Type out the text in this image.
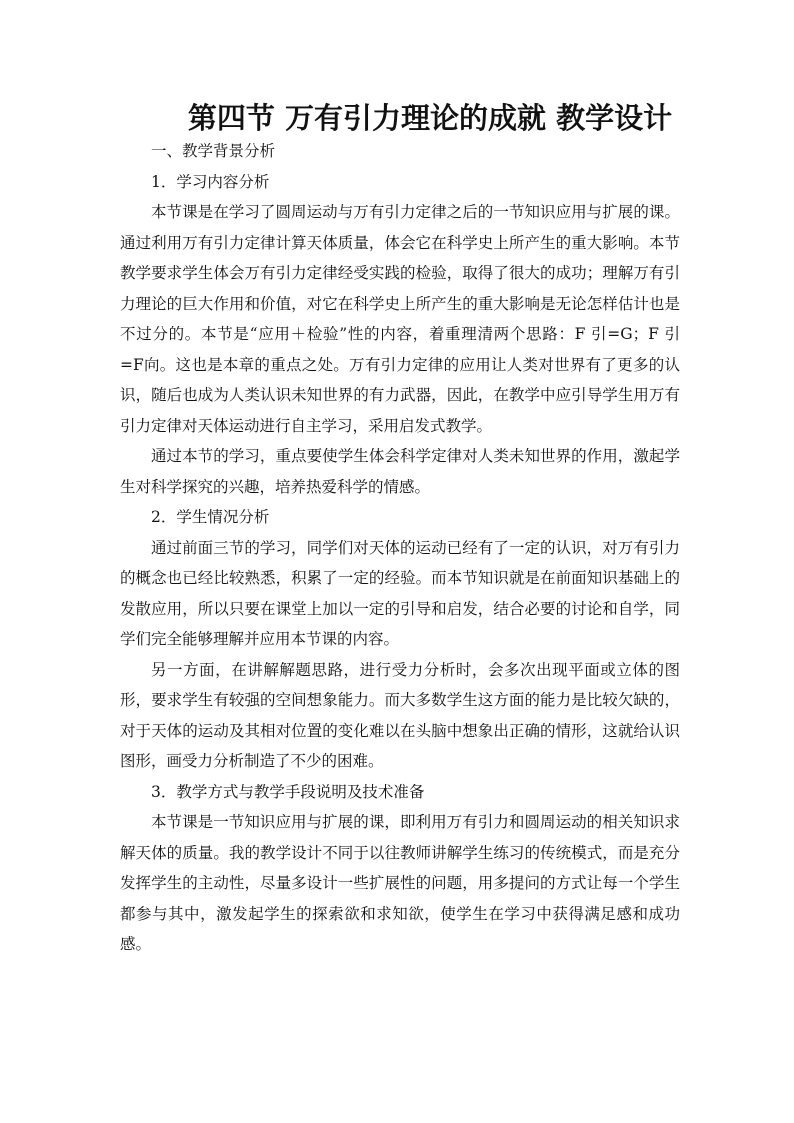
第四节 万有引力理论的成就 教学设计

一、教学背景分析

1．学习内容分析

本节课是在学习了圆周运动与万有引力定律之后的一节知识应用与扩展的课。通过利用万有引力定律计算天体质量，体会它在科学史上所产生的重大影响。本节教学要求学生体会万有引力定律经受实践的检验，取得了很大的成功；理解万有引力理论的巨大作用和价值，对它在科学史上所产生的重大影响是无论怎样估计也是不过分的。本节是“应用＋检验”性的内容，着重理清两个思路：F 引=G；F 引=F向。这也是本章的重点之处。万有引力定律的应用让人类对世界有了更多的认识，随后也成为人类认识未知世界的有力武器，因此，在教学中应引导学生用万有引力定律对天体运动进行自主学习，采用启发式教学。

通过本节的学习，重点要使学生体会科学定律对人类未知世界的作用，激起学生对科学探究的兴趣，培养热爱科学的情感。

2．学生情况分析

通过前面三节的学习，同学们对天体的运动已经有了一定的认识，对万有引力的概念也已经比较熟悉，积累了一定的经验。而本节知识就是在前面知识基础上的发散应用，所以只要在课堂上加以一定的引导和启发，结合必要的讨论和自学，同学们完全能够理解并应用本节课的内容。

另一方面，在讲解解题思路，进行受力分析时，会多次出现平面或立体的图形，要求学生有较强的空间想象能力。而大多数学生这方面的能力是比较欠缺的，对于天体的运动及其相对位置的变化难以在头脑中想象出正确的情形，这就给认识图形，画受力分析制造了不少的困难。

3．教学方式与教学手段说明及技术准备

本节课是一节知识应用与扩展的课，即利用万有引力和圆周运动的相关知识求解天体的质量。我的教学设计不同于以往教师讲解学生练习的传统模式，而是充分发挥学生的主动性，尽量多设计一些扩展性的问题，用多提问的方式让每一个学生都参与其中，激发起学生的探索欲和求知欲，使学生在学习中获得满足感和成功感。
